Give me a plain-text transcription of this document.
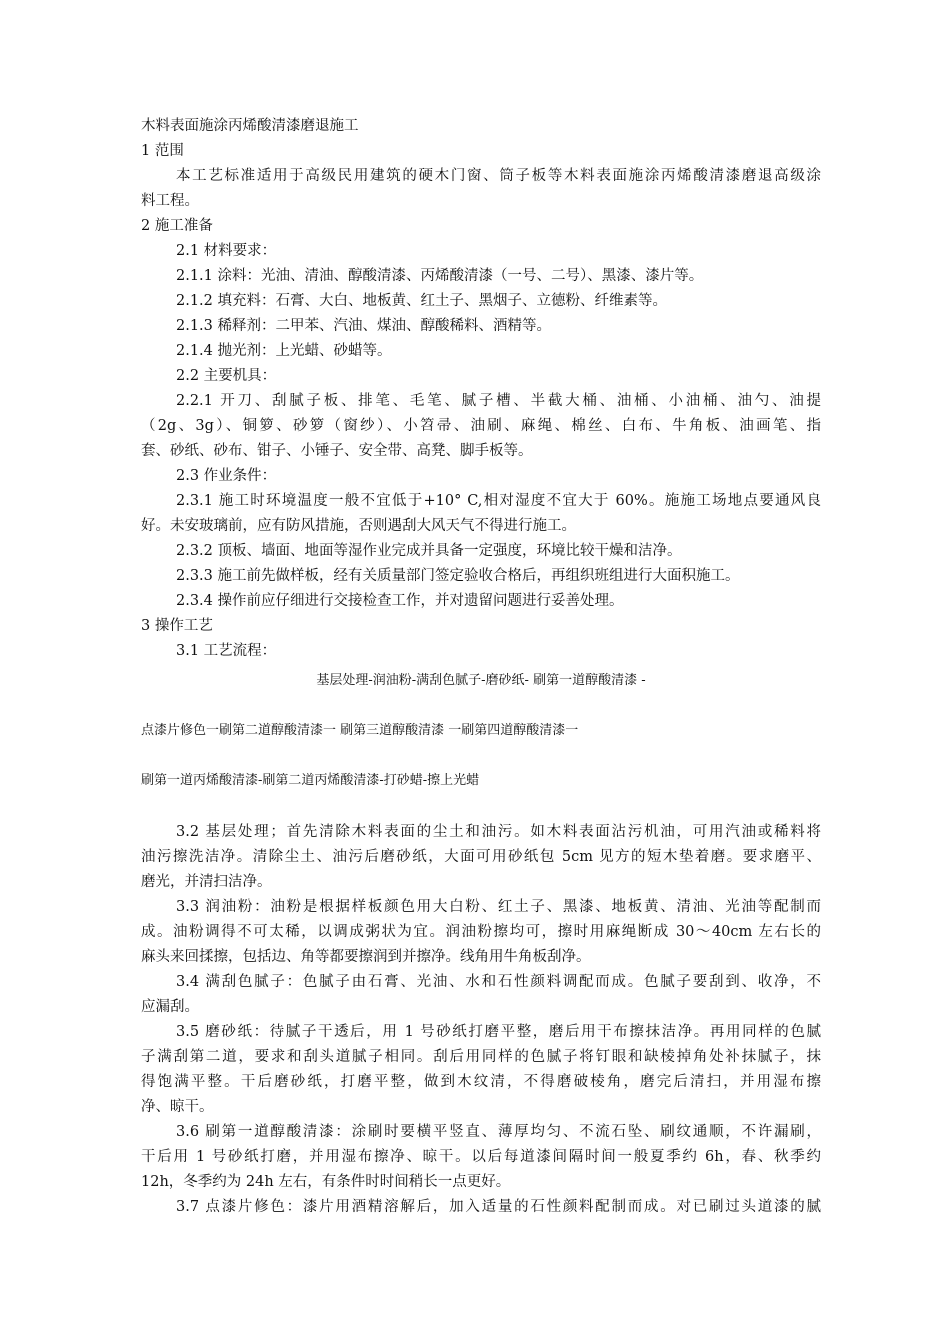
木料表面施涂丙烯酸清漆磨退施工
1 范围
本工艺标准适用于高级民用建筑的硬木门窗、筒子板等木料表面施涂丙烯酸清漆磨退高级涂
料工程。
2 施工准备
2.1 材料要求：
2.1.1 涂料：光油、清油、醇酸清漆、丙烯酸清漆（一号、二号）、黑漆、漆片等。
2.1.2 填充料：石膏、大白、地板黄、红土子、黑烟子、立德粉、纤维素等。
2.1.3 稀释剂：二甲苯、汽油、煤油、醇酸稀料、酒精等。
2.1.4 抛光剂：上光蜡、砂蜡等。
2.2 主要机具：
2.2.1 开刀、刮腻子板、排笔、毛笔、腻子槽、半截大桶、油桶、小油桶、油勺、油提
（2g、3g）、铜箩、砂箩（窗纱）、小笤帚、油刷、麻绳、棉丝、白布、牛角板、油画笔、指
套、砂纸、砂布、钳子、小锤子、安全带、高凳、脚手板等。
2.3 作业条件：
2.3.1 施工时环境温度一般不宜低于+10° C,相对湿度不宜大于 60%。施施工场地点要通风良
好。未安玻璃前，应有防风措施，否则遇刮大风天气不得进行施工。
2.3.2 顶板、墙面、地面等湿作业完成并具备一定强度，环境比较干燥和洁净。
2.3.3 施工前先做样板，经有关质量部门签定验收合格后，再组织班组进行大面积施工。
2.3.4 操作前应仔细进行交接检查工作，并对遗留问题进行妥善处理。
3 操作工艺
3.1 工艺流程：
基层处理-润油粉-满刮色腻子-磨砂纸- 刷第一道醇酸清漆 -
点漆片修色一刷第二道醇酸清漆一 刷第三道醇酸清漆 一刷第四道醇酸清漆一
刷第一道丙烯酸清漆-刷第二道丙烯酸清漆-打砂蜡-擦上光蜡
3.2 基层处理；首先清除木料表面的尘土和油污。如木料表面沾污机油，可用汽油或稀料将
油污擦洗洁净。清除尘土、油污后磨砂纸，大面可用砂纸包 5cm 见方的短木垫着磨。要求磨平、
磨光，并清扫洁净。
3.3 润油粉：油粉是根据样板颜色用大白粉、红土子、黑漆、地板黄、清油、光油等配制而
成。油粉调得不可太稀，以调成粥状为宜。润油粉擦均可，擦时用麻绳断成 30〜40cm 左右长的
麻头来回揉擦，包括边、角等都要擦润到并擦净。线角用牛角板刮净。
3.4 满刮色腻子：色腻子由石膏、光油、水和石性颜料调配而成。色腻子要刮到、收净，不
应漏刮。
3.5 磨砂纸：待腻子干透后，用 1 号砂纸打磨平整，磨后用干布擦抹洁净。再用同样的色腻
子满刮第二道，要求和刮头道腻子相同。刮后用同样的色腻子将钉眼和缺棱掉角处补抹腻子，抹
得饱满平整。干后磨砂纸，打磨平整，做到木纹清，不得磨破棱角，磨完后清扫，并用湿布擦
净、晾干。
3.6 刷第一道醇酸清漆：涂刷时要横平竖直、薄厚均匀、不流石坠、刷纹通顺，不许漏刷，
干后用 1 号砂纸打磨，并用湿布擦净、晾干。以后每道漆间隔时间一般夏季约 6h，春、秋季约
12h，冬季约为 24h 左右，有条件时时间稍长一点更好。
3.7 点漆片修色：漆片用酒精溶解后，加入适量的石性颜料配制而成。对已刷过头道漆的腻
